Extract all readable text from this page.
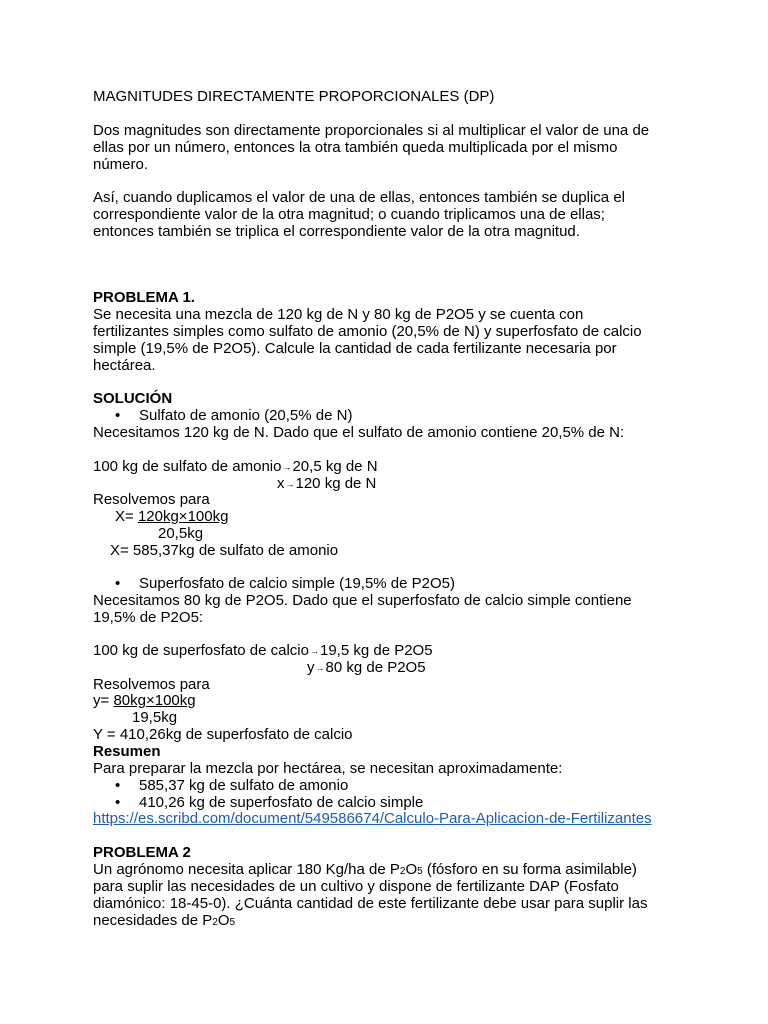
MAGNITUDES DIRECTAMENTE PROPORCIONALES (DP)
Dos magnitudes son directamente proporcionales si al multiplicar el valor de una de
ellas por un número, entonces la otra también queda multiplicada por el mismo
número.
Así, cuando duplicamos el valor de una de ellas, entonces también se duplica el
correspondiente valor de la otra magnitud; o cuando triplicamos una de ellas;
entonces también se triplica el correspondiente valor de la otra magnitud.
PROBLEMA 1.
Se necesita una mezcla de 120 kg de N y 80 kg de P2O5 y se cuenta con
fertilizantes simples como sulfato de amonio (20,5% de N) y superfosfato de calcio
simple (19,5% de P2O5). Calcule la cantidad de cada fertilizante necesaria por
hectárea.
SOLUCIÓN
• Sulfato de amonio (20,5% de N)
Necesitamos 120 kg de N. Dado que el sulfato de amonio contiene 20,5% de N:
100 kg de sulfato de amonio→20,5 kg de N
x→120 kg de N
Resolvemos para
X= 120kg×100kg
20,5kg
X= 585,37kg de sulfato de amonio
• Superfosfato de calcio simple (19,5% de P2O5)
Necesitamos 80 kg de P2O5. Dado que el superfosfato de calcio simple contiene
19,5% de P2O5:
100 kg de superfosfato de calcio→19,5 kg de P2O5
y→80 kg de P2O5
Resolvemos para
y= 80kg×100kg
19,5kg
Y = 410,26kg de superfosfato de calcio
Resumen
Para preparar la mezcla por hectárea, se necesitan aproximadamente:
• 585,37 kg de sulfato de amonio
• 410,26 kg de superfosfato de calcio simple
https://es.scribd.com/document/549586674/Calculo-Para-Aplicacion-de-Fertilizantes
PROBLEMA 2
Un agrónomo necesita aplicar 180 Kg/ha de P2O5 (fósforo en su forma asimilable)
para suplir las necesidades de un cultivo y dispone de fertilizante DAP (Fosfato
diamónico: 18-45-0). ¿Cuánta cantidad de este fertilizante debe usar para suplir las
necesidades de P2O5
